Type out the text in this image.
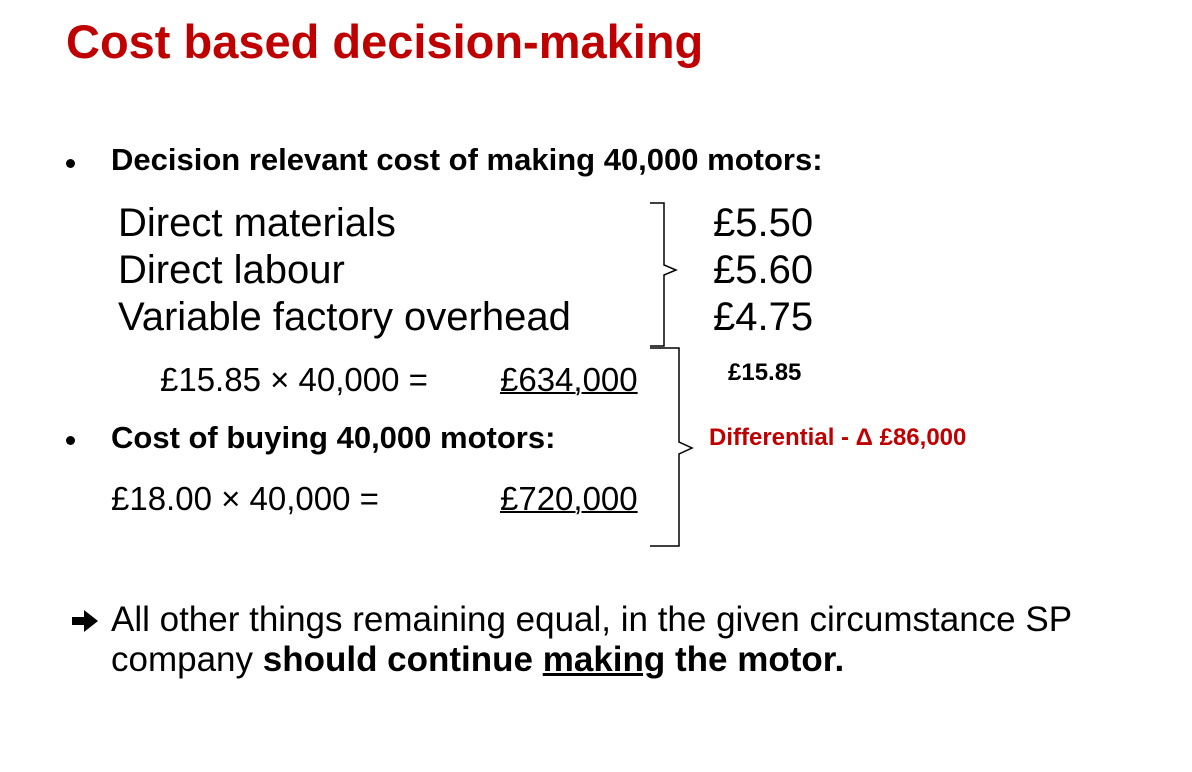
Cost based decision-making
Decision relevant cost of making 40,000 motors:
Direct materials
Direct labour
Variable factory overhead
£5.50
£5.60
£4.75
£15.85
£15.85 × 40,000 = £634,000
Cost of buying 40,000 motors:
£18.00 × 40,000 =	£720,000
Differential - Δ £86,000
All other things remaining equal, in the given circumstance SP
company should continue making the motor.
